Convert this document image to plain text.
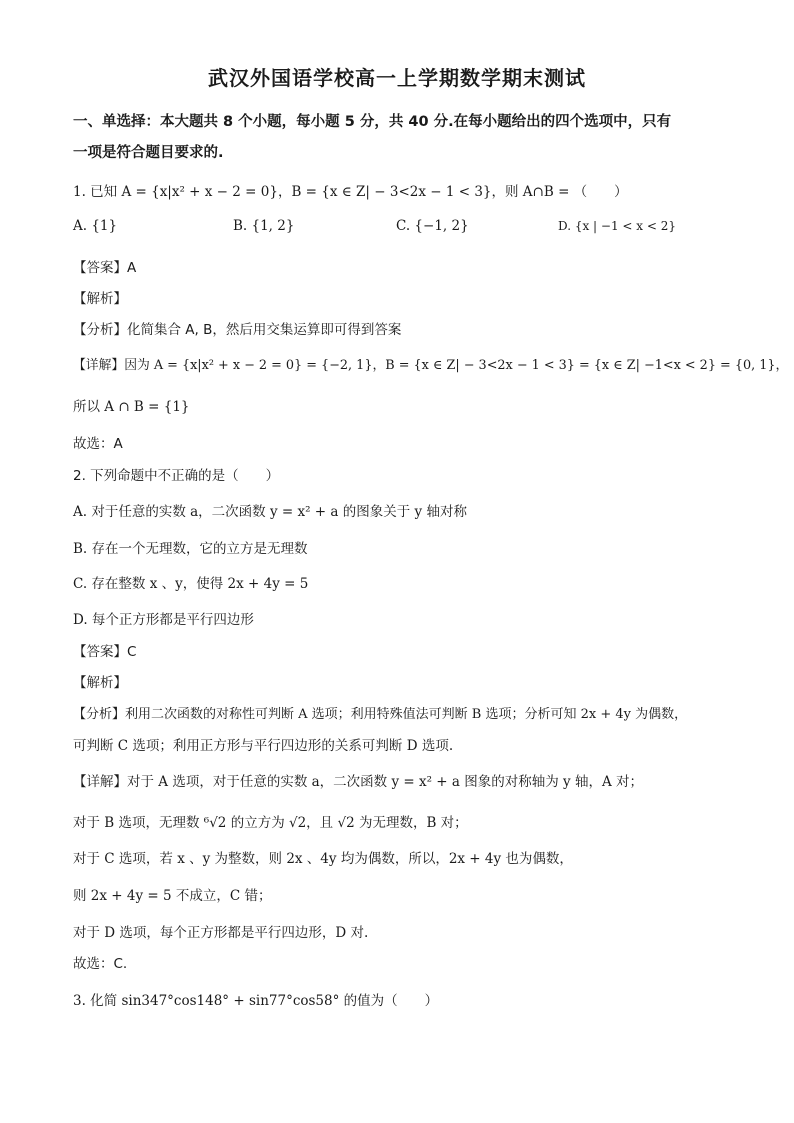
武汉外国语学校高一上学期数学期末测试
一、单选择：本大题共 8 个小题，每小题 5 分，共 40 分.在每小题给出的四个选项中，只有
一项是符合题目要求的.
1. 已知 A = {x|x² + x − 2 = 0}，B = {x ∈ Z| − 3<2x − 1 < 3}，则 A∩B = （　　）
A. {1}	B. {1, 2}	C. {−1, 2}	D. {x | −1 < x < 2}
【答案】A
【解析】
【分析】化简集合 A, B，然后用交集运算即可得到答案
【详解】因为 A = {x|x² + x − 2 = 0} = {−2, 1}，B = {x ∈ Z| − 3<2x − 1 < 3} = {x ∈ Z| −1<x < 2} = {0, 1}，
所以 A ∩ B = {1}
故选：A
2. 下列命题中不正确的是（　　）
A. 对于任意的实数 a，二次函数 y = x² + a 的图象关于 y 轴对称
B. 存在一个无理数，它的立方是无理数
C. 存在整数 x 、y，使得 2x + 4y = 5
D. 每个正方形都是平行四边形
【答案】C
【解析】
【分析】利用二次函数的对称性可判断 A 选项；利用特殊值法可判断 B 选项；分析可知 2x + 4y 为偶数，
可判断 C 选项；利用正方形与平行四边形的关系可判断 D 选项.
【详解】对于 A 选项，对于任意的实数 a，二次函数 y = x² + a 图象的对称轴为 y 轴，A 对；
对于 B 选项，无理数 ⁶√2 的立方为 √2，且 √2 为无理数，B 对；
对于 C 选项，若 x 、y 为整数，则 2x 、4y 均为偶数，所以，2x + 4y 也为偶数，
则 2x + 4y = 5 不成立，C 错；
对于 D 选项，每个正方形都是平行四边形，D 对.
故选：C.
3. 化简 sin347°cos148° + sin77°cos58° 的值为（　　）
